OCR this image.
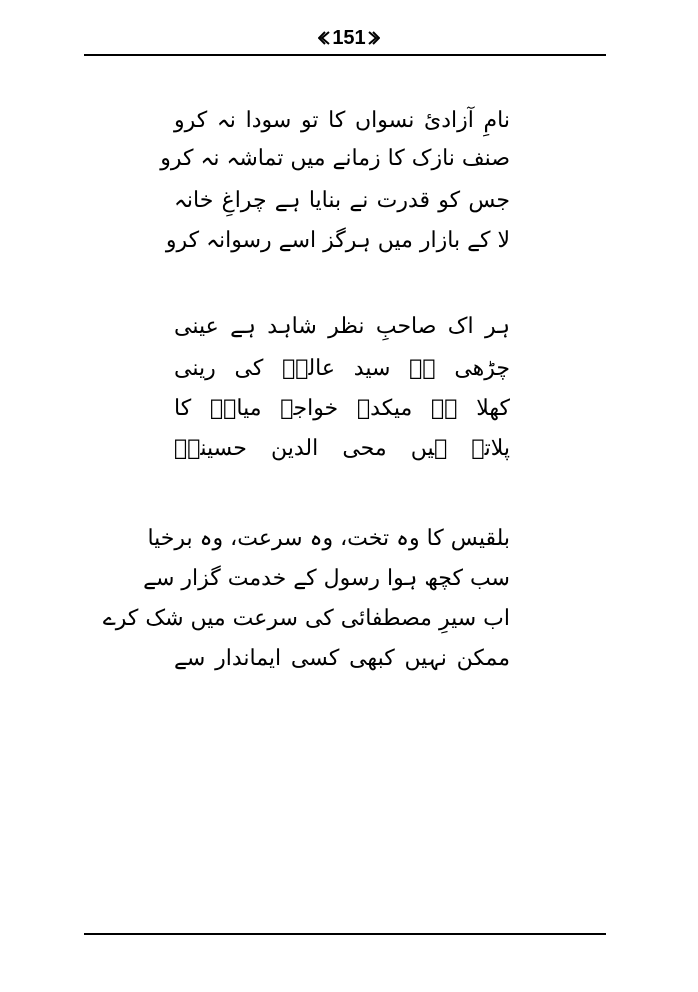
151
نامِ آزادیٔ نسواں کا تو سودا نہ کرو
صنف نازک کا زمانے میں تماشہ نہ کرو
جس کو قدرت نے بنایا ہے چراغِ خانہ
لا کے بازار میں ہرگز اسے رسوانہ کرو
ہر اک صاحبِ نظر شاہد ہے عینی
چڑھی ہے سید عالمؐ کی رینی
کھلا ہے میکدہ خواجہ میاںؒ کا
پلاتے ہیں محی الدین حسینیؒ
بلقیس کا وہ تخت، وہ سرعت، وہ برخیا
سب کچھ ہوا رسول کے خدمت گزار سے
اب سیرِ مصطفائی کی سرعت میں شک کرے
ممکن نہیں کبھی کسی ایماندار سے
